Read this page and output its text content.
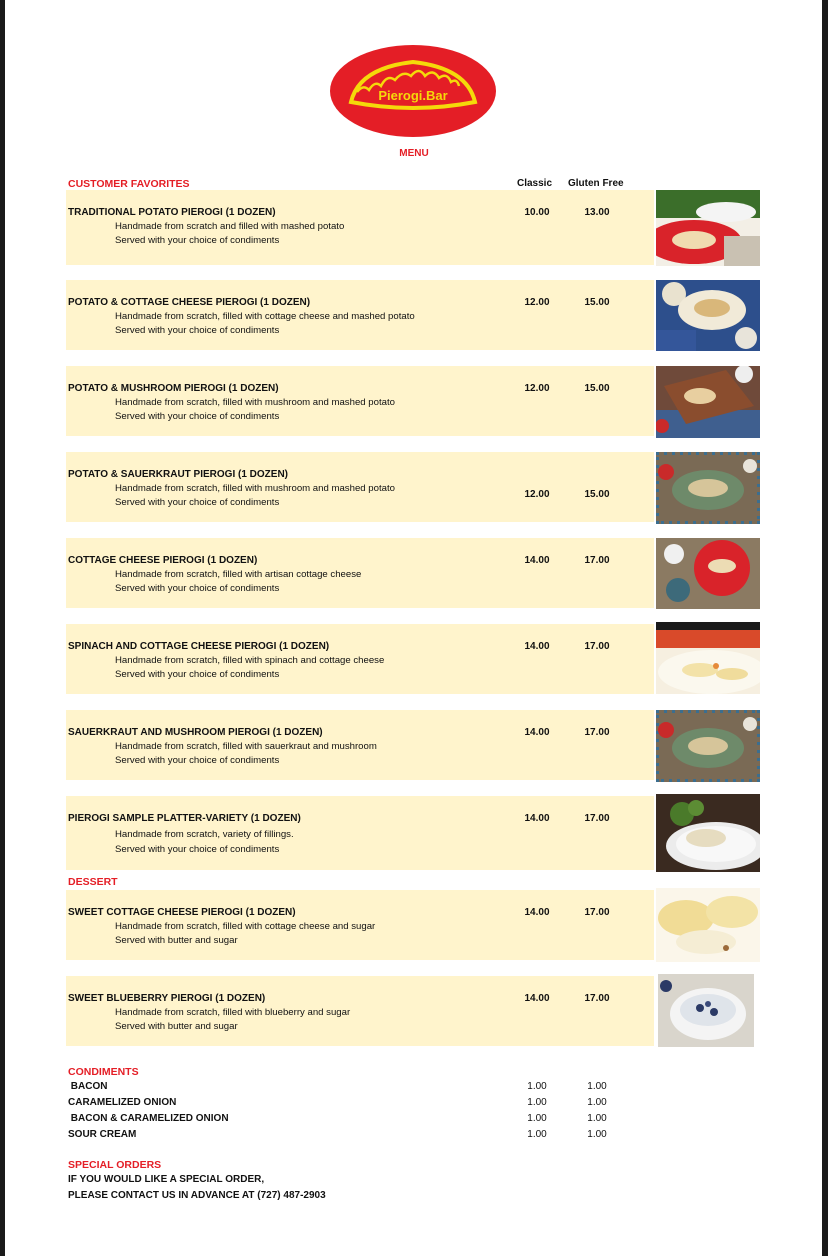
Pierogi.Bar
MENU
CUSTOMER FAVORITES	Classic Gluten Free
TRADITIONAL POTATO PIEROGI (1 DOZEN)
Handmade from scratch and filled with mashed potato
Served with your choice of condiments
10.00	13.00
POTATO & COTTAGE CHEESE PIEROGI (1 DOZEN)
Handmade from scratch, filled with cottage cheese and mashed potato
Served with your choice of condiments
12.00	15.00
POTATO & MUSHROOM PIEROGI (1 DOZEN)
Handmade from scratch, filled with mushroom and mashed potato
Served with your choice of condiments
12.00	15.00
POTATO & SAUERKRAUT PIEROGI (1 DOZEN)
Handmade from scratch, filled with mushroom and mashed potato
Served with your choice of condiments
12.00	15.00
COTTAGE CHEESE PIEROGI (1 DOZEN)
Handmade from scratch, filled with artisan cottage cheese
Served with your choice of condiments
14.00	17.00
SPINACH AND COTTAGE CHEESE PIEROGI (1 DOZEN)
Handmade from scratch, filled with spinach and cottage cheese
Served with your choice of condiments
14.00	17.00
SAUERKRAUT AND MUSHROOM PIEROGI (1 DOZEN)
Handmade from scratch, filled with sauerkraut and mushroom
Served with your choice of condiments
14.00	17.00
PIEROGI SAMPLE PLATTER-VARIETY (1 DOZEN)
Handmade from scratch, variety of fillings.
Served with your choice of condiments
14.00	17.00
DESSERT
SWEET COTTAGE CHEESE PIEROGI (1 DOZEN)
Handmade from scratch, filled with cottage cheese and sugar
Served with butter and sugar
14.00	17.00
SWEET BLUEBERRY PIEROGI (1 DOZEN)
Handmade from scratch, filled with blueberry and sugar
Served with butter and sugar
14.00	17.00
CONDIMENTS
BACON	1.00	1.00
CARAMELIZED ONION	1.00	1.00
BACON & CARAMELIZED ONION	1.00	1.00
SOUR CREAM	1.00	1.00
SPECIAL ORDERS
IF YOU WOULD LIKE A SPECIAL ORDER,
PLEASE CONTACT US IN ADVANCE AT (727) 487-2903
